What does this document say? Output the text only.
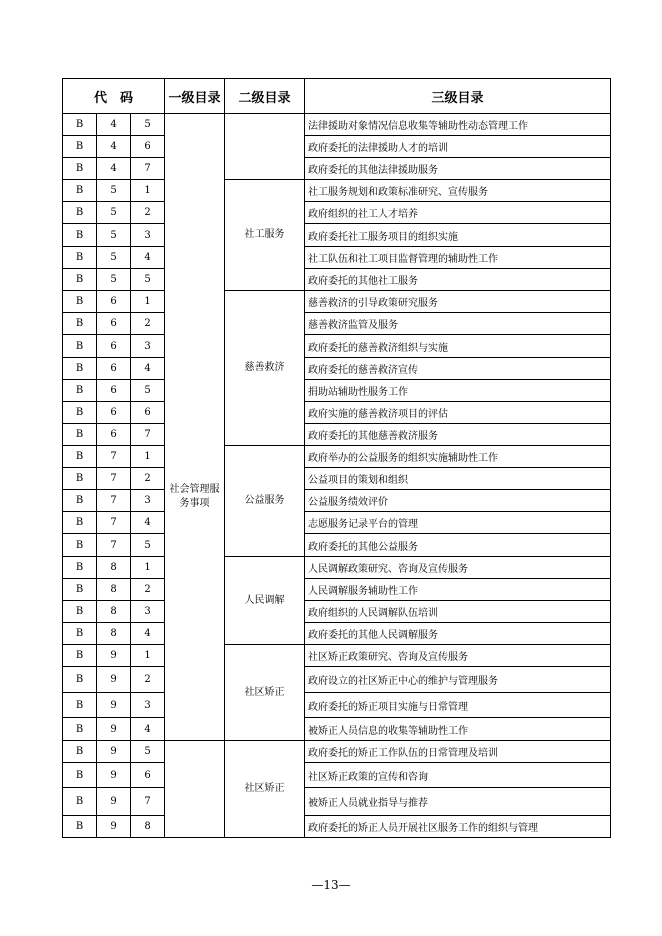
代　码			一级目录	二级目录	三级目录
B	4	5	社会管理服务事项		法律援助对象情况信息收集等辅助性动态管理工作
B	4	6			政府委托的法律援助人才的培训
B	4	7			政府委托的其他法律援助服务
B	5	1		社工服务	社工服务规划和政策标准研究、宣传服务
B	5	2			政府组织的社工人才培养
B	5	3			政府委托社工服务项目的组织实施
B	5	4			社工队伍和社工项目监督管理的辅助性工作
B	5	5			政府委托的其他社工服务
B	6	1		慈善救济	慈善救济的引导政策研究服务
B	6	2			慈善救济监管及服务
B	6	3			政府委托的慈善救济组织与实施
B	6	4			政府委托的慈善救济宣传
B	6	5			捐助站辅助性服务工作
B	6	6			政府实施的慈善救济项目的评估
B	6	7			政府委托的其他慈善救济服务
B	7	1		公益服务	政府举办的公益服务的组织实施辅助性工作
B	7	2			公益项目的策划和组织
B	7	3			公益服务绩效评价
B	7	4			志愿服务记录平台的管理
B	7	5			政府委托的其他公益服务
B	8	1		人民调解	人民调解政策研究、咨询及宣传服务
B	8	2			人民调解服务辅助性工作
B	8	3			政府组织的人民调解队伍培训
B	8	4			政府委托的其他人民调解服务
B	9	1		社区矫正	社区矫正政策研究、咨询及宣传服务
B	9	2			政府设立的社区矫正中心的维护与管理服务
B	9	3			政府委托的矫正项目实施与日常管理
B	9	4			被矫正人员信息的收集等辅助性工作
B	9	5		社区矫正	政府委托的矫正工作队伍的日常管理及培训
B	9	6			社区矫正政策的宣传和咨询
B	9	7			被矫正人员就业指导与推荐
B	9	8			政府委托的矫正人员开展社区服务工作的组织与管理
—13—
